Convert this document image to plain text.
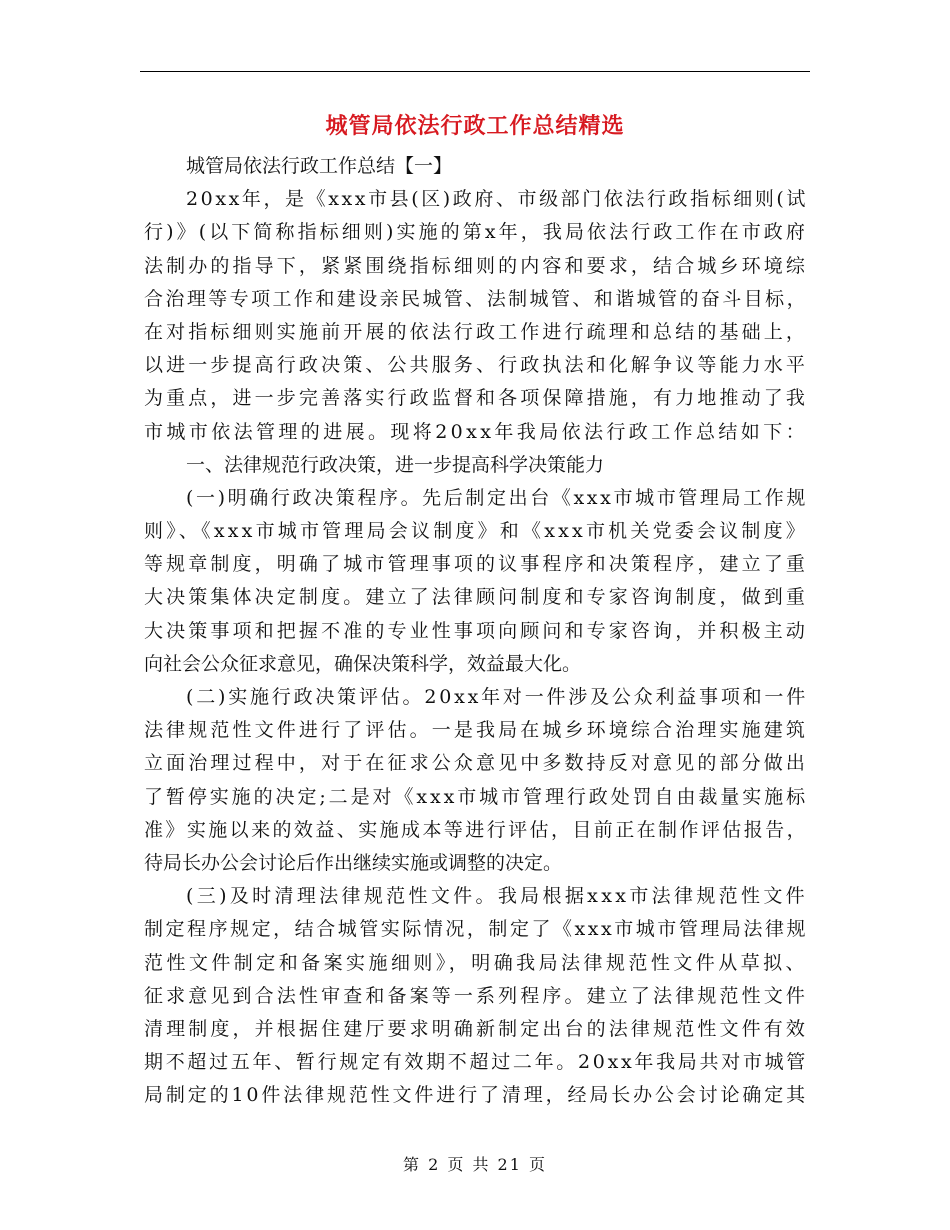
城管局依法行政工作总结精选
城管局依法行政工作总结【一】
20xx年，是《xxx市县(区)政府、市级部门依法行政指标细则(试
行)》(以下简称指标细则)实施的第x年，我局依法行政工作在市政府
法制办的指导下，紧紧围绕指标细则的内容和要求，结合城乡环境综
合治理等专项工作和建设亲民城管、法制城管、和谐城管的奋斗目标，
在对指标细则实施前开展的依法行政工作进行疏理和总结的基础上，
以进一步提高行政决策、公共服务、行政执法和化解争议等能力水平
为重点，进一步完善落实行政监督和各项保障措施，有力地推动了我
市城市依法管理的进展。现将20xx年我局依法行政工作总结如下：
一、法律规范行政决策，进一步提高科学决策能力
(一)明确行政决策程序。先后制定出台《xxx市城市管理局工作规
则》、《xxx市城市管理局会议制度》和《xxx市机关党委会议制度》
等规章制度，明确了城市管理事项的议事程序和决策程序，建立了重
大决策集体决定制度。建立了法律顾问制度和专家咨询制度，做到重
大决策事项和把握不准的专业性事项向顾问和专家咨询，并积极主动
向社会公众征求意见，确保决策科学，效益最大化。
(二)实施行政决策评估。20xx年对一件涉及公众利益事项和一件
法律规范性文件进行了评估。一是我局在城乡环境综合治理实施建筑
立面治理过程中，对于在征求公众意见中多数持反对意见的部分做出
了暂停实施的决定;二是对《xxx市城市管理行政处罚自由裁量实施标
准》实施以来的效益、实施成本等进行评估，目前正在制作评估报告，
待局长办公会讨论后作出继续实施或调整的决定。
(三)及时清理法律规范性文件。我局根据xxx市法律规范性文件
制定程序规定，结合城管实际情况，制定了《xxx市城市管理局法律规
范性文件制定和备案实施细则》，明确我局法律规范性文件从草拟、
征求意见到合法性审查和备案等一系列程序。建立了法律规范性文件
清理制度，并根据住建厅要求明确新制定出台的法律规范性文件有效
期不超过五年、暂行规定有效期不超过二年。20xx年我局共对市城管
局制定的10件法律规范性文件进行了清理，经局长办公会讨论确定其
第 2 页 共 21 页
